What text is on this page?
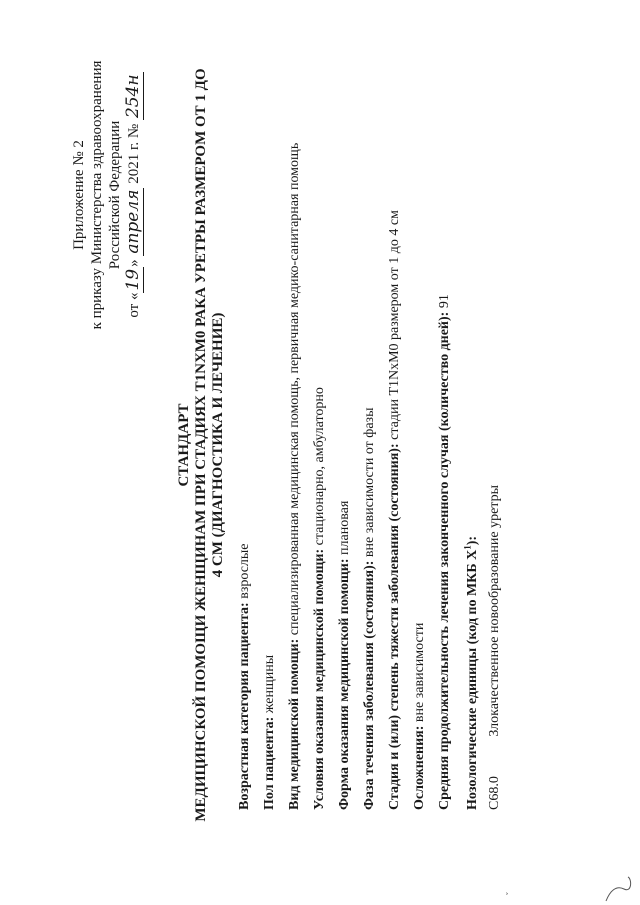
Приложение № 2 к приказу Министерства здравоохранения Российской Федерации
от «19» апреля 2021 г. № 254н
СТАНДАРТ МЕДИЦИНСКОЙ ПОМОЩИ ЖЕНЩИНАМ ПРИ СТАДИЯХ T1NXM0 РАКА УРЕТРЫ РАЗМЕРОМ ОТ 1 ДО 4 СМ (ДИАГНОСТИКА И ЛЕЧЕНИЕ)
Возрастная категория пациента: взрослые
Пол пациента: женщины Вид медицинской помощи: специализированная медицинская помощь, первичная медико-санитарная помощь
Условия оказания медицинской помощи: стационарно, амбулаторно
Форма оказания медицинской помощи: плановая
Фаза течения заболевания (состояния): вне зависимости от фазы Стадия и (или) степень тяжести заболевания (состояния): стадии T1NxM0 размером от 1 до 4 см
Осложнения: вне зависимости Средняя продолжительность лечения законченного случая (количество дней): 91
Нозологические единицы (код по МКБ $Х^1$):
C68.0 Злокачественное новообразование уретры
ˇ
